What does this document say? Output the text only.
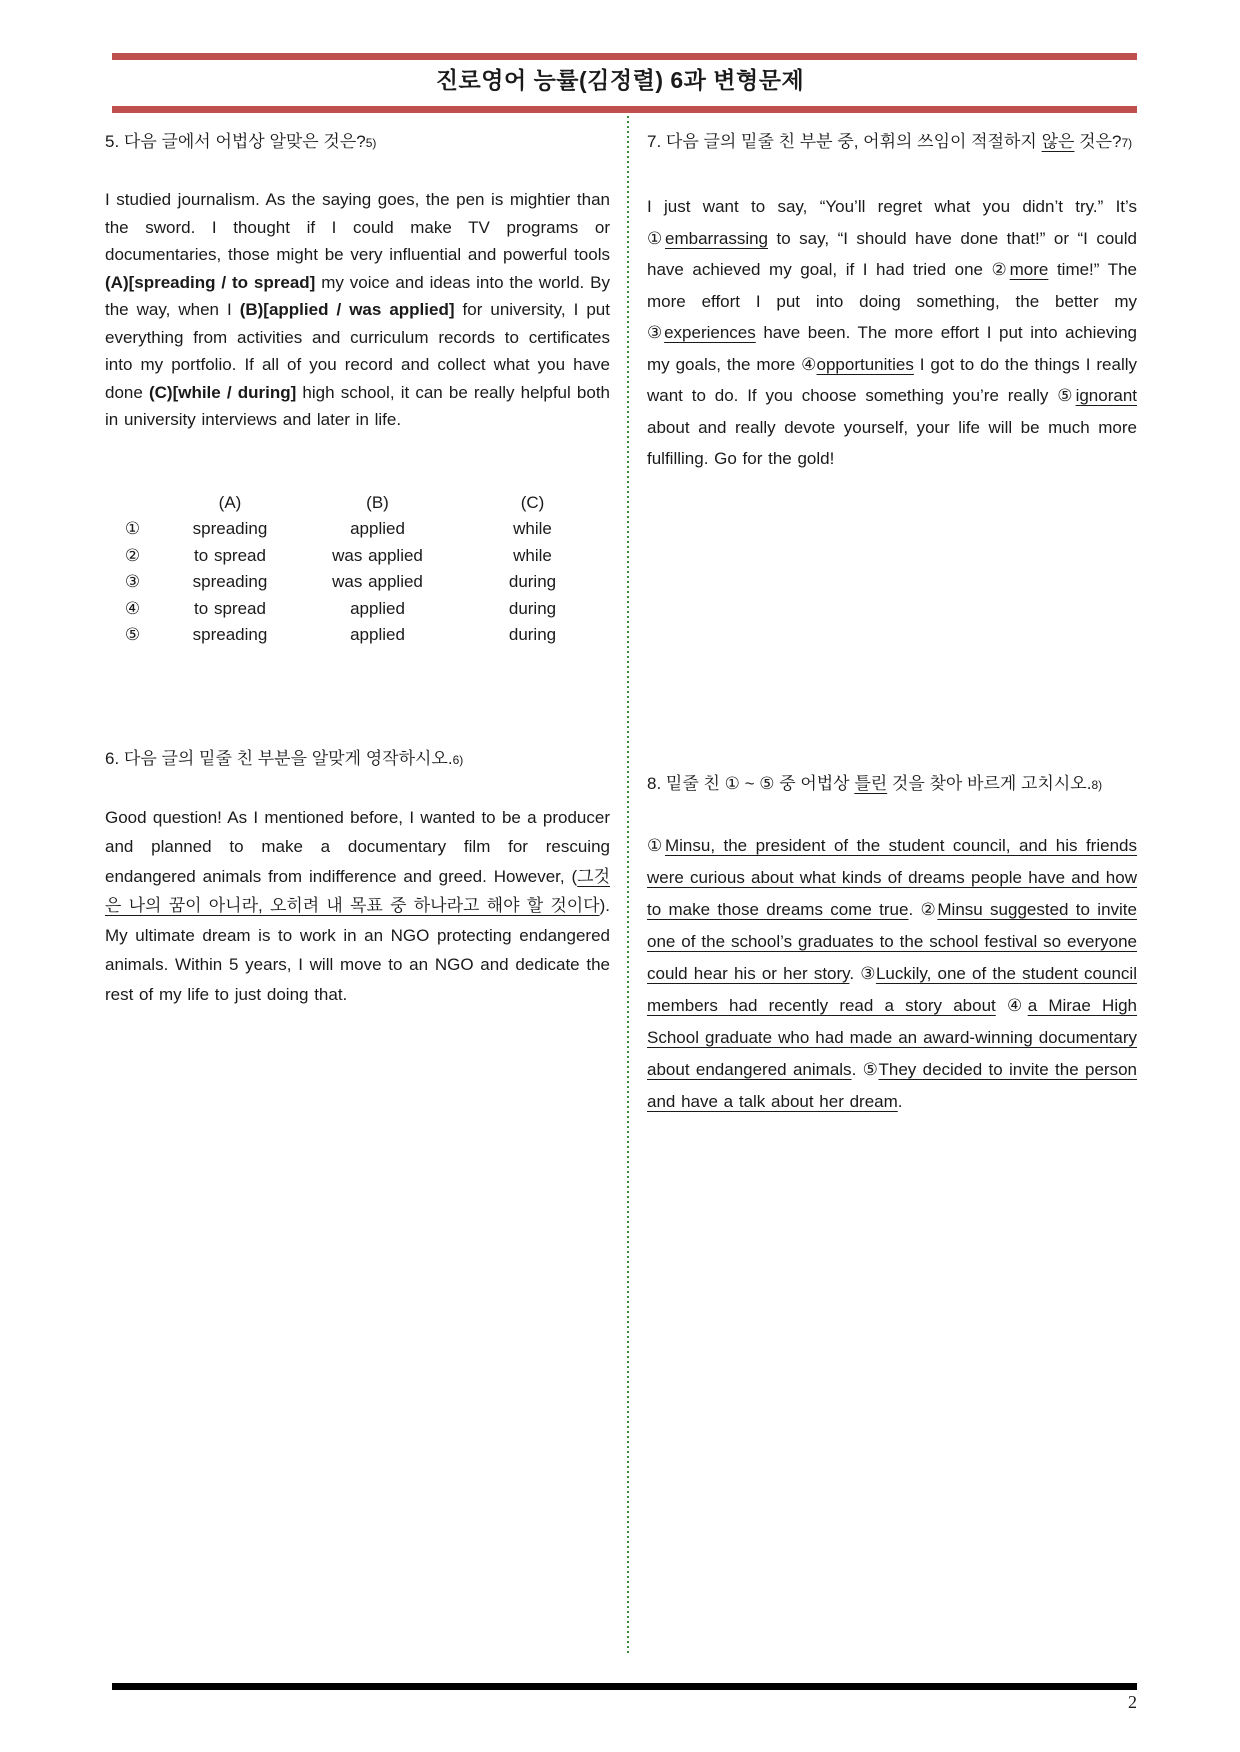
진로영어 능률(김정렬) 6과 변형문제

5. 다음 글에서 어법상 알맞은 것은?5)

I studied journalism. As the saying goes, the pen is mightier than the sword. I thought if I could make TV programs or documentaries, those might be very influential and powerful tools (A)[spreading / to spread] my voice and ideas into the world. By the way, when I (B)[applied / was applied] for university, I put everything from activities and curriculum records to certificates into my portfolio. If all of you record and collect what you have done (C)[while / during] high school, it can be really helpful both in university interviews and later in life.

	(A)	(B)	(C)
①	spreading	applied	while
②	to spread	was applied	while
③	spreading	was applied	during
④	to spread	applied	during
⑤	spreading	applied	during

6. 다음 글의 밑줄 친 부분을 알맞게 영작하시오.6)

Good question! As I mentioned before, I wanted to be a producer and planned to make a documentary film for rescuing endangered animals from indifference and greed. However, (그것은 나의 꿈이 아니라, 오히려 내 목표 중 하나라고 해야 할 것이다). My ultimate dream is to work in an NGO protecting endangered animals. Within 5 years, I will move to an NGO and dedicate the rest of my life to just doing that.

7. 다음 글의 밑줄 친 부분 중, 어휘의 쓰임이 적절하지 않은 것은?7)

I just want to say, “You’ll regret what you didn’t try.” It’s ①embarrassing to say, “I should have done that!” or “I could have achieved my goal, if I had tried one ②more time!” The more effort I put into doing something, the better my ③experiences have been. The more effort I put into achieving my goals, the more ④opportunities I got to do the things I really want to do. If you choose something you’re really ⑤ignorant about and really devote yourself, your life will be much more fulfilling. Go for the gold!

8. 밑줄 친 ① ~ ⑤ 중 어법상 틀린 것을 찾아 바르게 고치시오.8)

①Minsu, the president of the student council, and his friends were curious about what kinds of dreams people have and how to make those dreams come true. ②Minsu suggested to invite one of the school’s graduates to the school festival so everyone could hear his or her story. ③Luckily, one of the student council members had recently read a story about ④a Mirae High School graduate who had made an award-winning documentary about endangered animals. ⑤They decided to invite the person and have a talk about her dream.

2
